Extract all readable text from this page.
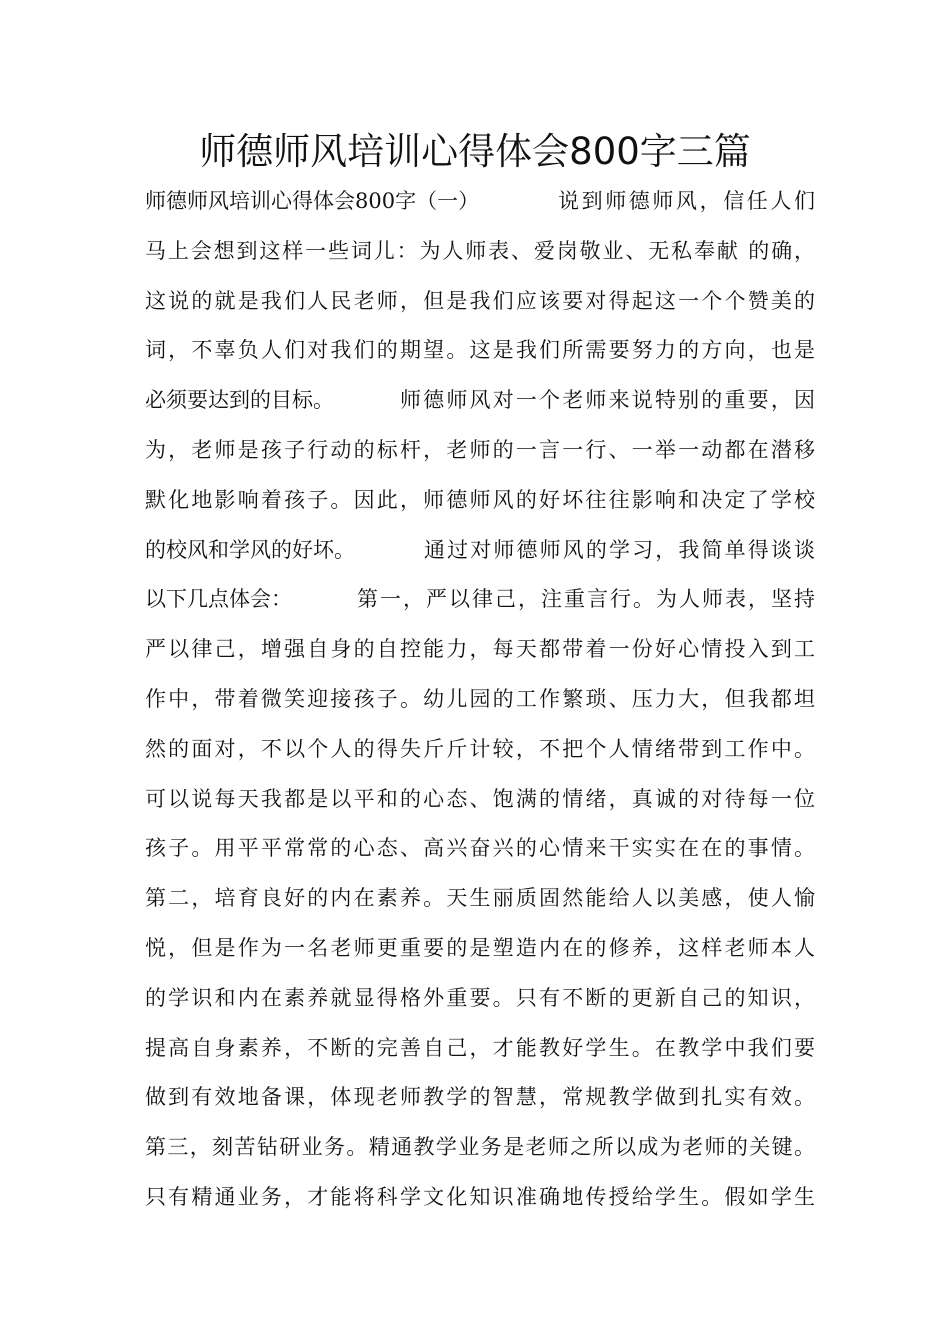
师德师风培训心得体会800字三篇
师德师风培训心得体会800字（一）	说到师德师风，信任人们
马上会想到这样一些词儿：为人师表、爱岗敬业、无私奉献 的确，
这说的就是我们人民老师，但是我们应该要对得起这一个个赞美的
词，不辜负人们对我们的期望。这是我们所需要努力的方向，也是
必须要达到的目标。	师德师风对一个老师来说特别的重要，因
为，老师是孩子行动的标杆，老师的一言一行、一举一动都在潜移
默化地影响着孩子。因此，师德师风的好坏往往影响和决定了学校
的校风和学风的好坏。	通过对师德师风的学习，我简单得谈谈
以下几点体会：	第一，严以律己，注重言行。为人师表，坚持
严以律己，增强自身的自控能力，每天都带着一份好心情投入到工
作中，带着微笑迎接孩子。幼儿园的工作繁琐、压力大，但我都坦
然的面对，不以个人的得失斤斤计较，不把个人情绪带到工作中。
可以说每天我都是以平和的心态、饱满的情绪，真诚的对待每一位
孩子。用平平常常的心态、高兴奋兴的心情来干实实在在的事情。
第二，培育良好的内在素养。天生丽质固然能给人以美感，使人愉
悦，但是作为一名老师更重要的是塑造内在的修养，这样老师本人
的学识和内在素养就显得格外重要。只有不断的更新自己的知识，
提高自身素养，不断的完善自己，才能教好学生。在教学中我们要
做到有效地备课，体现老师教学的智慧，常规教学做到扎实有效。
第三，刻苦钻研业务。精通教学业务是老师之所以成为老师的关键。
只有精通业务，才能将科学文化知识准确地传授给学生。假如学生
